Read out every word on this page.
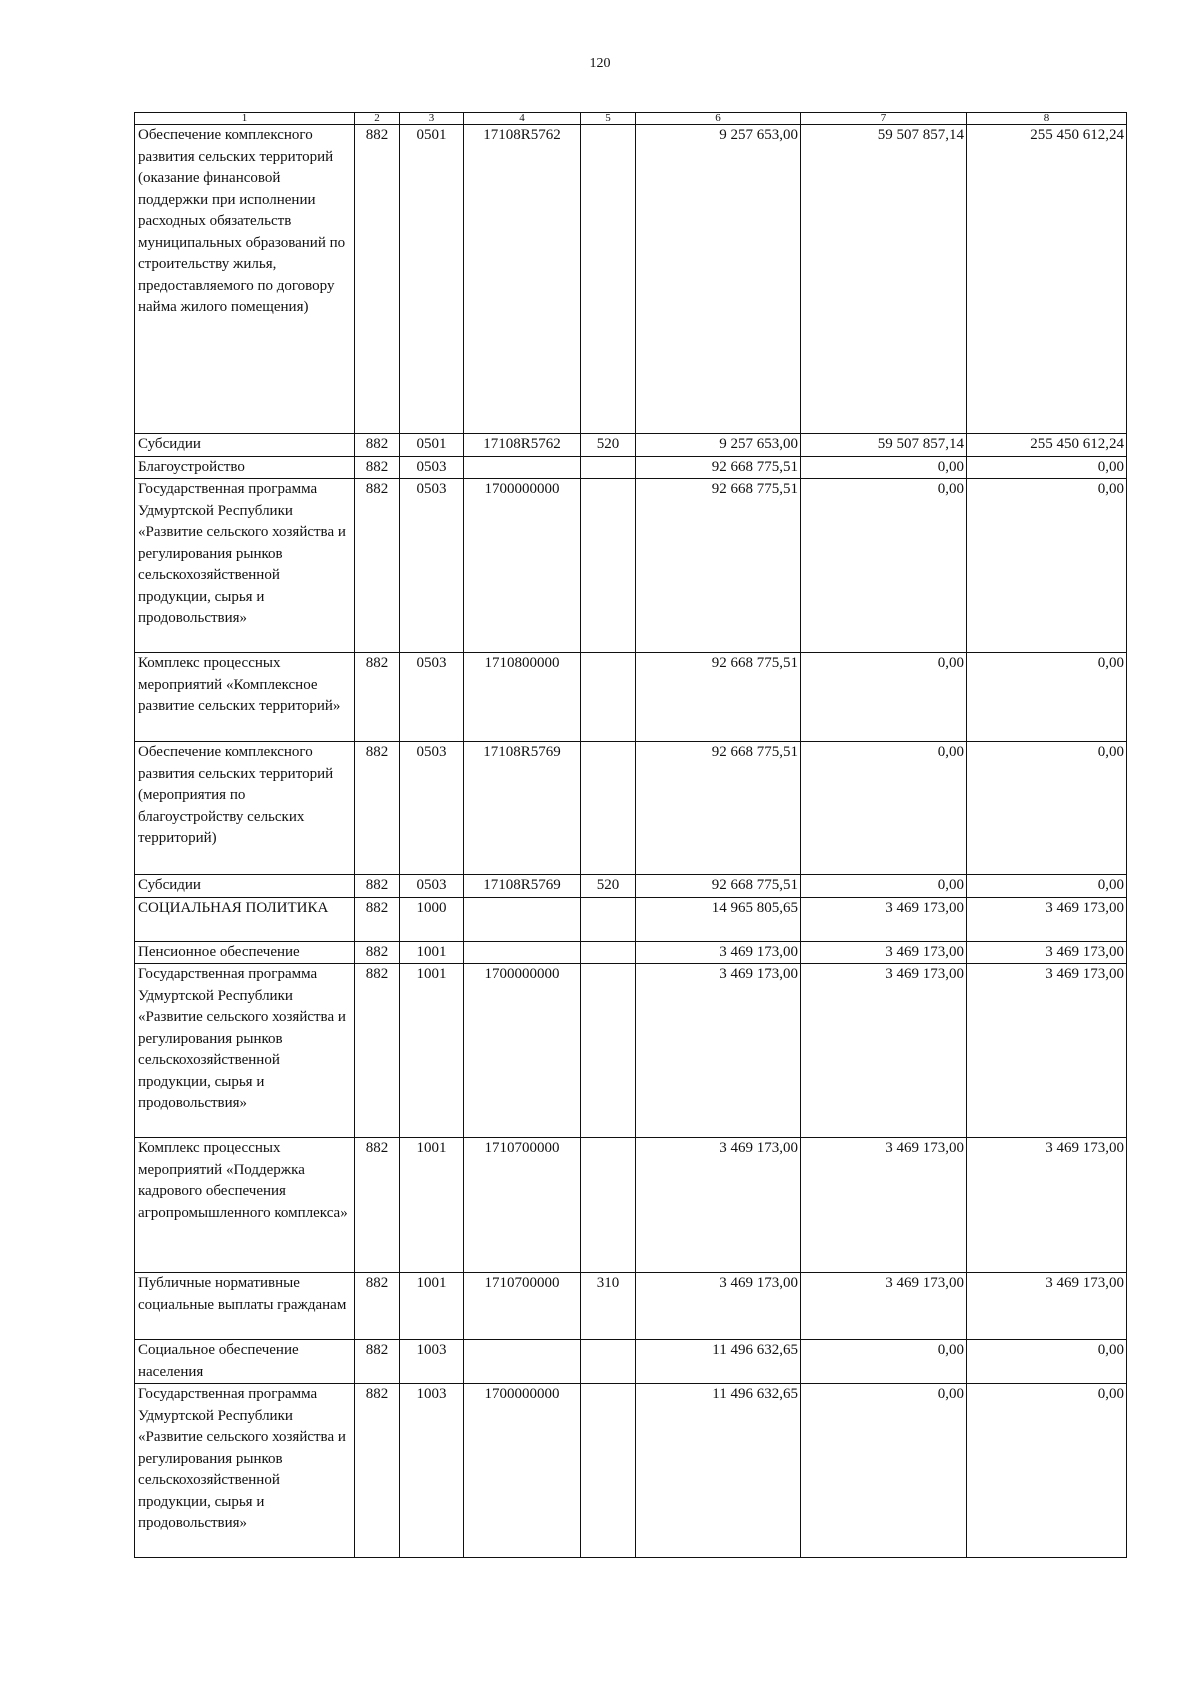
120
1	2	3	4	5	6	7	8
Обеспечение комплексного развития сельских территорий (оказание финансовой поддержки при исполнении расходных обязательств муниципальных образований по строительству жилья, предоставляемого по договору найма жилого помещения)	882	0501	17108R5762		9 257 653,00	59 507 857,14	255 450 612,24
Субсидии	882	0501	17108R5762	520	9 257 653,00	59 507 857,14	255 450 612,24
Благоустройство	882	0503			92 668 775,51	0,00	0,00
Государственная программа Удмуртской Республики «Развитие сельского хозяйства и регулирования рынков сельскохозяйственной продукции, сырья и продовольствия»	882	0503	1700000000		92 668 775,51	0,00	0,00
Комплекс процессных мероприятий «Комплексное развитие сельских территорий»	882	0503	1710800000		92 668 775,51	0,00	0,00
Обеспечение комплексного развития сельских территорий (мероприятия по благоустройству сельских территорий)	882	0503	17108R5769		92 668 775,51	0,00	0,00
Субсидии	882	0503	17108R5769	520	92 668 775,51	0,00	0,00
СОЦИАЛЬНАЯ ПОЛИТИКА	882	1000			14 965 805,65	3 469 173,00	3 469 173,00
Пенсионное обеспечение	882	1001			3 469 173,00	3 469 173,00	3 469 173,00
Государственная программа Удмуртской Республики «Развитие сельского хозяйства и регулирования рынков сельскохозяйственной продукции, сырья и продовольствия»	882	1001	1700000000		3 469 173,00	3 469 173,00	3 469 173,00
Комплекс процессных мероприятий «Поддержка кадрового обеспечения агропромышленного комплекса»	882	1001	1710700000		3 469 173,00	3 469 173,00	3 469 173,00
Публичные нормативные социальные выплаты гражданам	882	1001	1710700000	310	3 469 173,00	3 469 173,00	3 469 173,00
Социальное обеспечение населения	882	1003			11 496 632,65	0,00	0,00
Государственная программа Удмуртской Республики «Развитие сельского хозяйства и регулирования рынков сельскохозяйственной продукции, сырья и продовольствия»	882	1003	1700000000		11 496 632,65	0,00	0,00
